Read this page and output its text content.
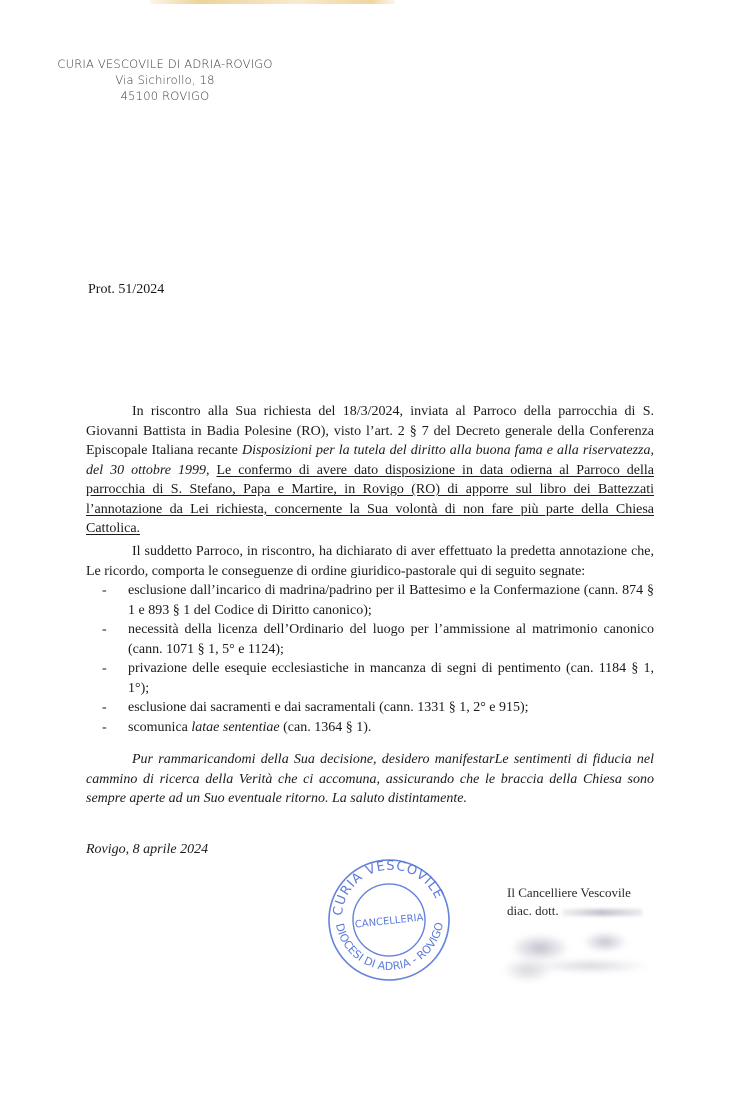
CURIA VESCOVILE DI ADRIA-ROVIGO
Via Sichirollo, 18
45100 ROVIGO
Prot. 51/2024
In riscontro alla Sua richiesta del 18/3/2024, inviata al Parroco della parrocchia di S. Giovanni Battista in Badia Polesine (RO), visto l’art. 2 § 7 del Decreto generale della Conferenza Episcopale Italiana recante Disposizioni per la tutela del diritto alla buona fama e alla riservatezza, del 30 ottobre 1999, Le confermo di avere dato disposizione in data odierna al Parroco della parrocchia di S. Stefano, Papa e Martire, in Rovigo (RO) di apporre sul libro dei Battezzati l’annotazione da Lei richiesta, concernente la Sua volontà di non fare più parte della Chiesa Cattolica.
Il suddetto Parroco, in riscontro, ha dichiarato di aver effettuato la predetta annotazione che, Le ricordo, comporta le conseguenze di ordine giuridico-pastorale qui di seguito segnate:
- esclusione dall’incarico di madrina/padrino per il Battesimo e la Confermazione (cann. 874 § 1 e 893 § 1 del Codice di Diritto canonico);
- necessità della licenza dell’Ordinario del luogo per l’ammissione al matrimonio canonico (cann. 1071 § 1, 5° e 1124);
- privazione delle esequie ecclesiastiche in mancanza di segni di pentimento (can. 1184 § 1, 1°);
- esclusione dai sacramenti e dai sacramentali (cann. 1331 § 1, 2° e 915);
- scomunica latae sententiae (can. 1364 § 1).
Pur rammaricandomi della Sua decisione, desidero manifestarLe sentimenti di fiducia nel cammino di ricerca della Verità che ci accomuna, assicurando che le braccia della Chiesa sono sempre aperte ad un Suo eventuale ritorno. La saluto distintamente.
Rovigo, 8 aprile 2024
CURIA VESCOVILE
DIOCESI DI ADRIA - ROVIGO
CANCELLERIA
Il Cancelliere Vescovile
diac. dott.
